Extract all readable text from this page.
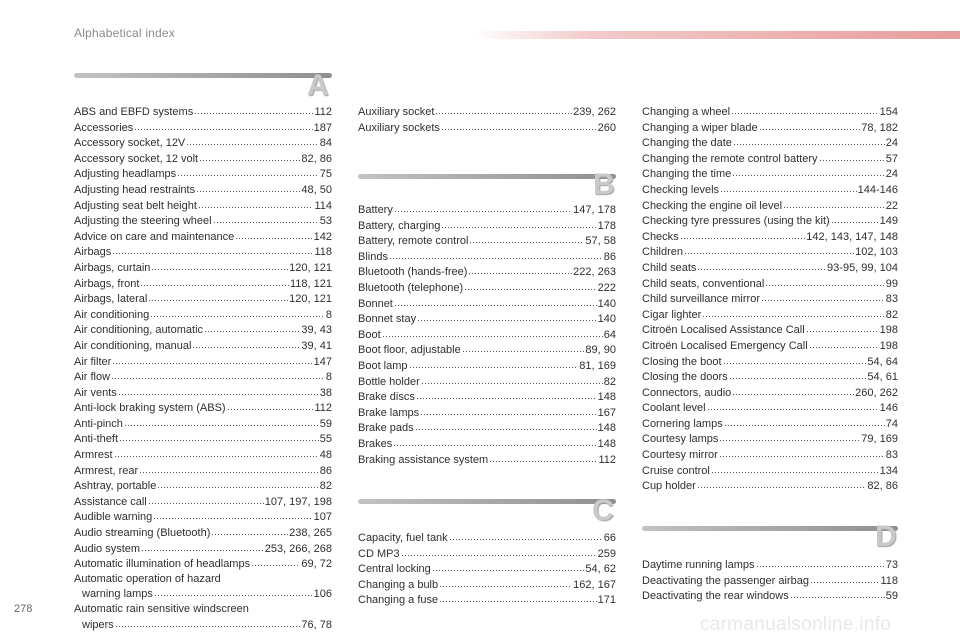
Alphabetical index
A
ABS and EBFD systems	112
Accessories	187
Accessory socket, 12V	84
Accessory socket, 12 volt	82, 86
Adjusting headlamps	75
Adjusting head restraints	48, 50
Adjusting seat belt height	114
Adjusting the steering wheel	53
Advice on care and maintenance	142
Airbags	118
Airbags, curtain	120, 121
Airbags, front	118, 121
Airbags, lateral	120, 121
Air conditioning	8
Air conditioning, automatic	39, 43
Air conditioning, manual	39, 41
Air filter	147
Air flow	8
Air vents	38
Anti-lock braking system (ABS)	112
Anti-pinch	59
Anti-theft	55
Armrest	48
Armrest, rear	86
Ashtray, portable	82
Assistance call	107, 197, 198
Audible warning	107
Audio streaming (Bluetooth)	238, 265
Audio system	253, 266, 268
Automatic illumination of headlamps	69, 72
Automatic operation of hazard
warning lamps	106
Automatic rain sensitive windscreen
wipers	76, 78
Auxiliary socket	239, 262
Auxiliary sockets	260
B
Battery	147, 178
Battery, charging	178
Battery, remote control	57, 58
Blinds	86
Bluetooth (hands-free)	222, 263
Bluetooth (telephone)	222
Bonnet	140
Bonnet stay	140
Boot	64
Boot floor, adjustable	89, 90
Boot lamp	81, 169
Bottle holder	82
Brake discs	148
Brake lamps	167
Brake pads	148
Brakes	148
Braking assistance system	112
C
Capacity, fuel tank	66
CD MP3	259
Central locking	54, 62
Changing a bulb	162, 167
Changing a fuse	171
Changing a wheel	154
Changing a wiper blade	78, 182
Changing the date	24
Changing the remote control battery	57
Changing the time	24
Checking levels	144-146
Checking the engine oil level	22
Checking tyre pressures (using the kit)	149
Checks	142, 143, 147, 148
Children	102, 103
Child seats	93-95, 99, 104
Child seats, conventional	99
Child surveillance mirror	83
Cigar lighter	82
Citroën Localised Assistance Call	198
Citroën Localised Emergency Call	198
Closing the boot	54, 64
Closing the doors	54, 61
Connectors, audio	260, 262
Coolant level	146
Cornering lamps	74
Courtesy lamps	79, 169
Courtesy mirror	83
Cruise control	134
Cup holder	82, 86
D
Daytime running lamps	73
Deactivating the passenger airbag	118
Deactivating the rear windows	59
278
carmanualsonline.info
